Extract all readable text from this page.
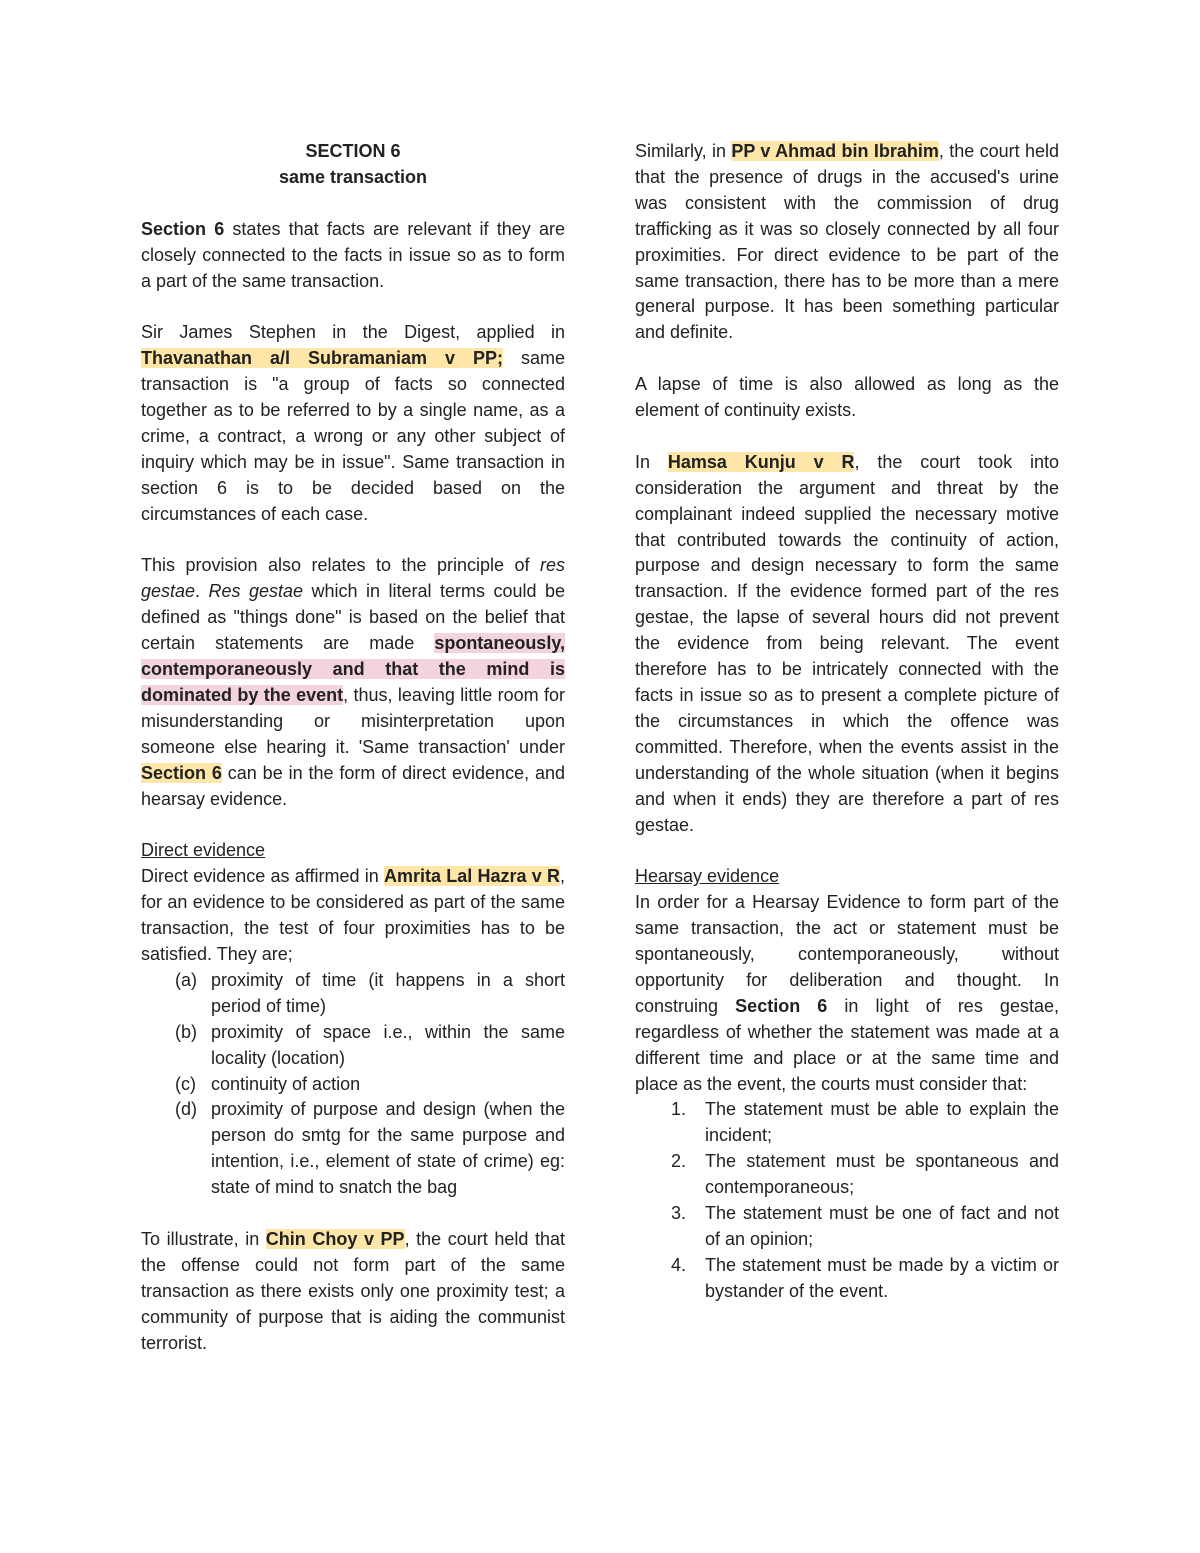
SECTION 6

same transaction

Section 6 states that facts are relevant if they are closely connected to the facts in issue so as to form a part of the same transaction.

Sir James Stephen in the Digest, applied in Thavanathan a/l Subramaniam v PP; same transaction is "a group of facts so connected together as to be referred to by a single name, as a crime, a contract, a wrong or any other subject of inquiry which may be in issue". Same transaction in section 6 is to be decided based on the circumstances of each case.

This provision also relates to the principle of res gestae. Res gestae which in literal terms could be defined as "things done" is based on the belief that certain statements are made spontaneously, contemporaneously and that the mind is dominated by the event, thus, leaving little room for misunderstanding or misinterpretation upon someone else hearing it. 'Same transaction' under Section 6 can be in the form of direct evidence, and hearsay evidence.

Direct evidence

Direct evidence as affirmed in Amrita Lal Hazra v R, for an evidence to be considered as part of the same transaction, the test of four proximities has to be satisfied. They are;

(a) proximity of time (it happens in a short period of time)
(b) proximity of space i.e., within the same locality (location)
(c) continuity of action
(d) proximity of purpose and design (when the person do smtg for the same purpose and intention, i.e., element of state of crime) eg: state of mind to snatch the bag

To illustrate, in Chin Choy v PP, the court held that the offense could not form part of the same transaction as there exists only one proximity test; a community of purpose that is aiding the communist terrorist.

Similarly, in PP v Ahmad bin Ibrahim, the court held that the presence of drugs in the accused's urine was consistent with the commission of drug trafficking as it was so closely connected by all four proximities. For direct evidence to be part of the same transaction, there has to be more than a mere general purpose. It has been something particular and definite.

A lapse of time is also allowed as long as the element of continuity exists.

In Hamsa Kunju v R, the court took into consideration the argument and threat by the complainant indeed supplied the necessary motive that contributed towards the continuity of action, purpose and design necessary to form the same transaction. If the evidence formed part of the res gestae, the lapse of several hours did not prevent the evidence from being relevant. The event therefore has to be intricately connected with the facts in issue so as to present a complete picture of the circumstances in which the offence was committed. Therefore, when the events assist in the understanding of the whole situation (when it begins and when it ends) they are therefore a part of res gestae.

Hearsay evidence

In order for a Hearsay Evidence to form part of the same transaction, the act or statement must be spontaneously, contemporaneously, without opportunity for deliberation and thought. In construing Section 6 in light of res gestae, regardless of whether the statement was made at a different time and place or at the same time and place as the event, the courts must consider that:

1. The statement must be able to explain the incident;
2. The statement must be spontaneous and contemporaneous;
3. The statement must be one of fact and not of an opinion;
4. The statement must be made by a victim or bystander of the event.
